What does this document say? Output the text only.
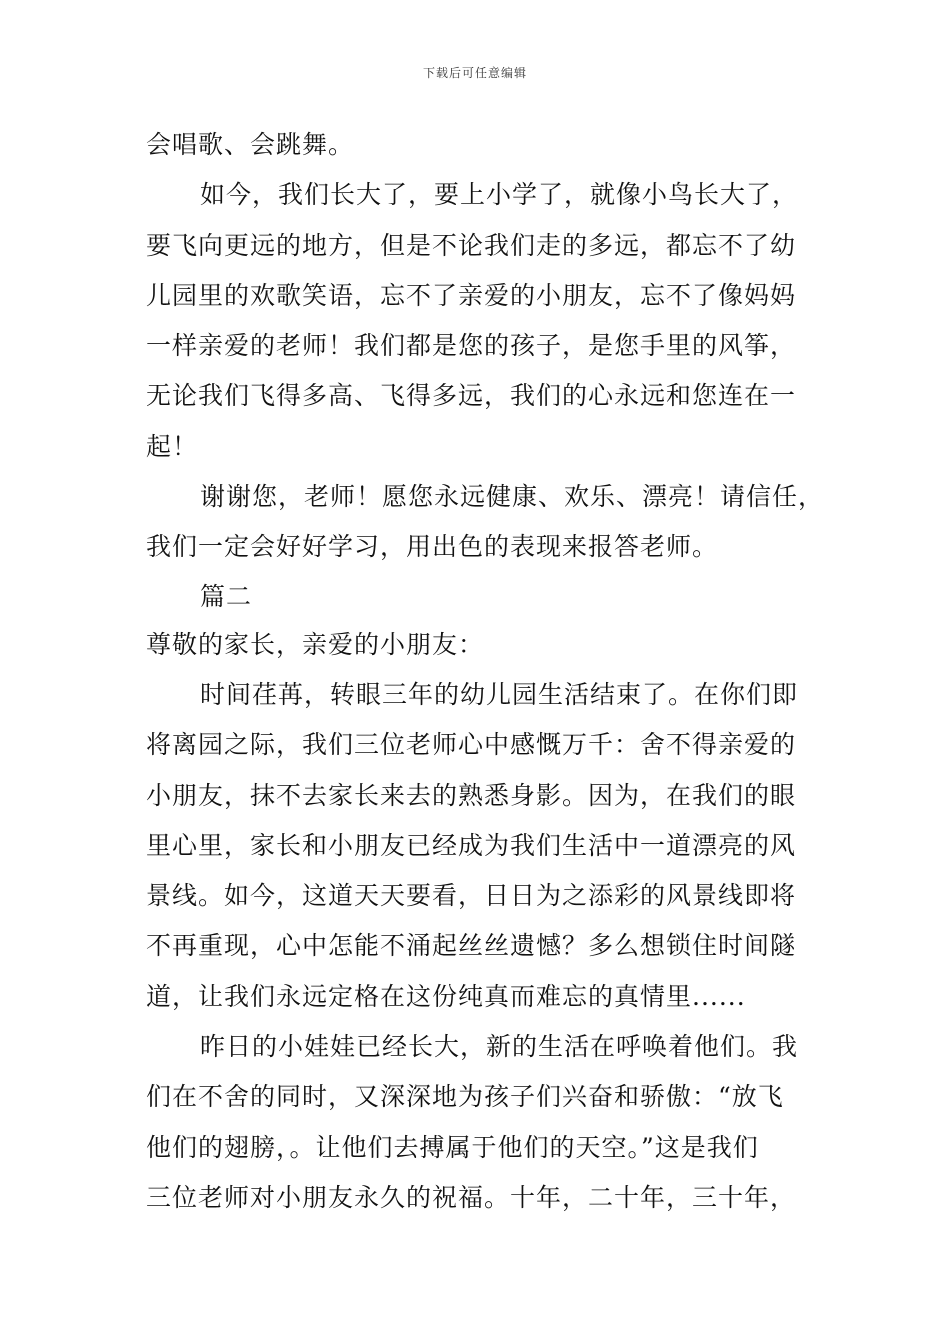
下载后可任意编辑
会唱歌、会跳舞。
如今，我们长大了，要上小学了，就像小鸟长大了，
要飞向更远的地方，但是不论我们走的多远，都忘不了幼
儿园里的欢歌笑语，忘不了亲爱的小朋友，忘不了像妈妈
一样亲爱的老师！我们都是您的孩子，是您手里的风筝，
无论我们飞得多高、飞得多远，我们的心永远和您连在一
起！
谢谢您，老师！愿您永远健康、欢乐、漂亮！请信任，
我们一定会好好学习，用出色的表现来报答老师。
篇二
尊敬的家长，亲爱的小朋友：
时间荏苒，转眼三年的幼儿园生活结束了。在你们即
将离园之际，我们三位老师心中感慨万千：舍不得亲爱的
小朋友，抹不去家长来去的熟悉身影。因为，在我们的眼
里心里，家长和小朋友已经成为我们生活中一道漂亮的风
景线。如今，这道天天要看，日日为之添彩的风景线即将
不再重现，心中怎能不涌起丝丝遗憾？多么想锁住时间隧
道，让我们永远定格在这份纯真而难忘的真情里......
昨日的小娃娃已经长大，新的生活在呼唤着他们。我
们在不舍的同时，又深深地为孩子们兴奋和骄傲：“放飞
他们的翅膀，。让他们去搏属于他们的天空。”这是我们
三位老师对小朋友永久的祝福。十年，二十年，三十年，
